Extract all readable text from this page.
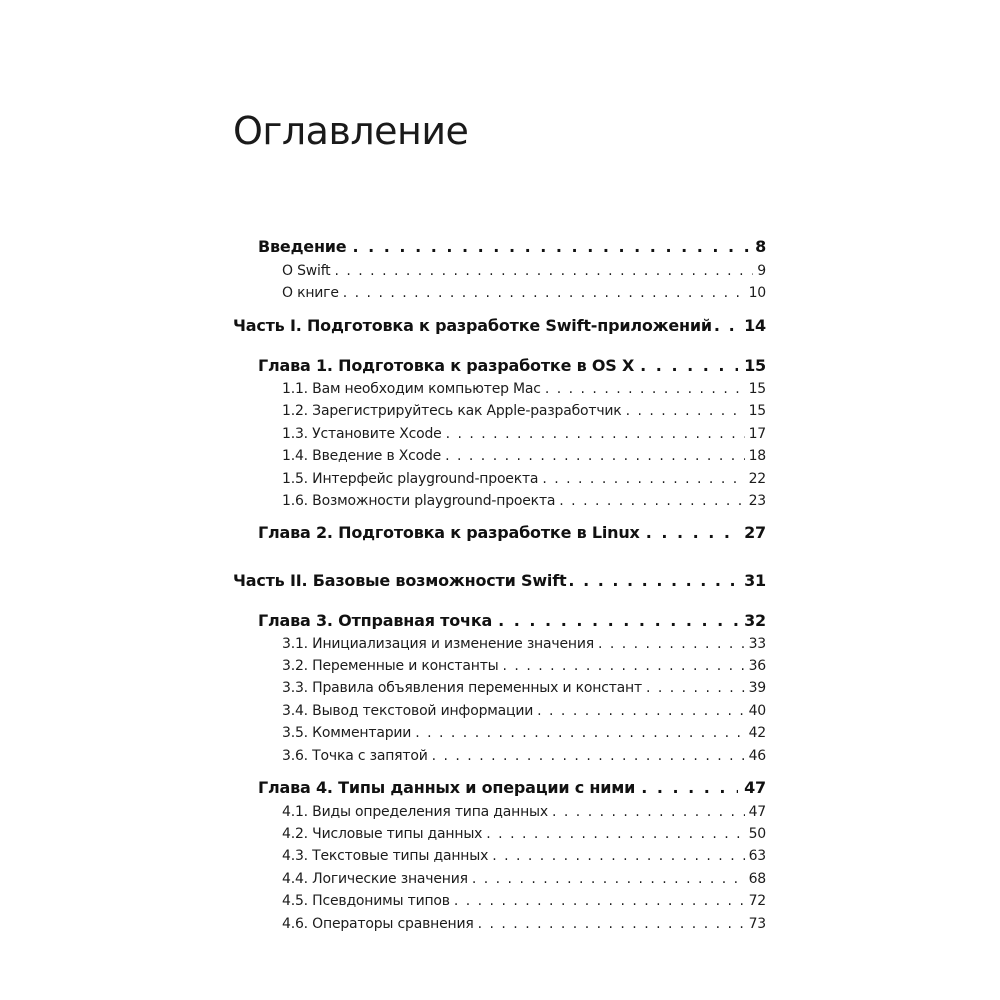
Оглавление
Введение . . .	8
О Swift . . .	9
О книге . . .	10
Часть I. Подготовка к разработке Swift-приложений . . . 14
Глава 1. Подготовка к разработке в OS X . . .	15
1.1. Вам необходим компьютер Mac . . .	15
1.2. Зарегистрируйтесь как Apple-разработчик . . .	15
1.3. Установите Xcode . . .	17
1.4. Введение в Xcode . . .	18
1.5. Интерфейс playground-проекта . . .	22
1.6. Возможности playground-проекта . . .	23
Глава 2. Подготовка к разработке в Linux . . .	27
Часть II. Базовые возможности Swift . . .	31
Глава 3. Отправная точка . . .	32
3.1. Инициализация и изменение значения . . .	33
3.2. Переменные и константы . . .	36
3.3. Правила объявления переменных и констант . . .	39
3.4. Вывод текстовой информации . . .	40
3.5. Комментарии . . .	42
3.6. Точка с запятой . . .	46
Глава 4. Типы данных и операции с ними . . .	47
4.1. Виды определения типа данных . . .	47
4.2. Числовые типы данных . . .	50
4.3. Текстовые типы данных . . .	63
4.4. Логические значения . . .	68
4.5. Псевдонимы типов . . .	72
4.6. Операторы сравнения . . .	73
